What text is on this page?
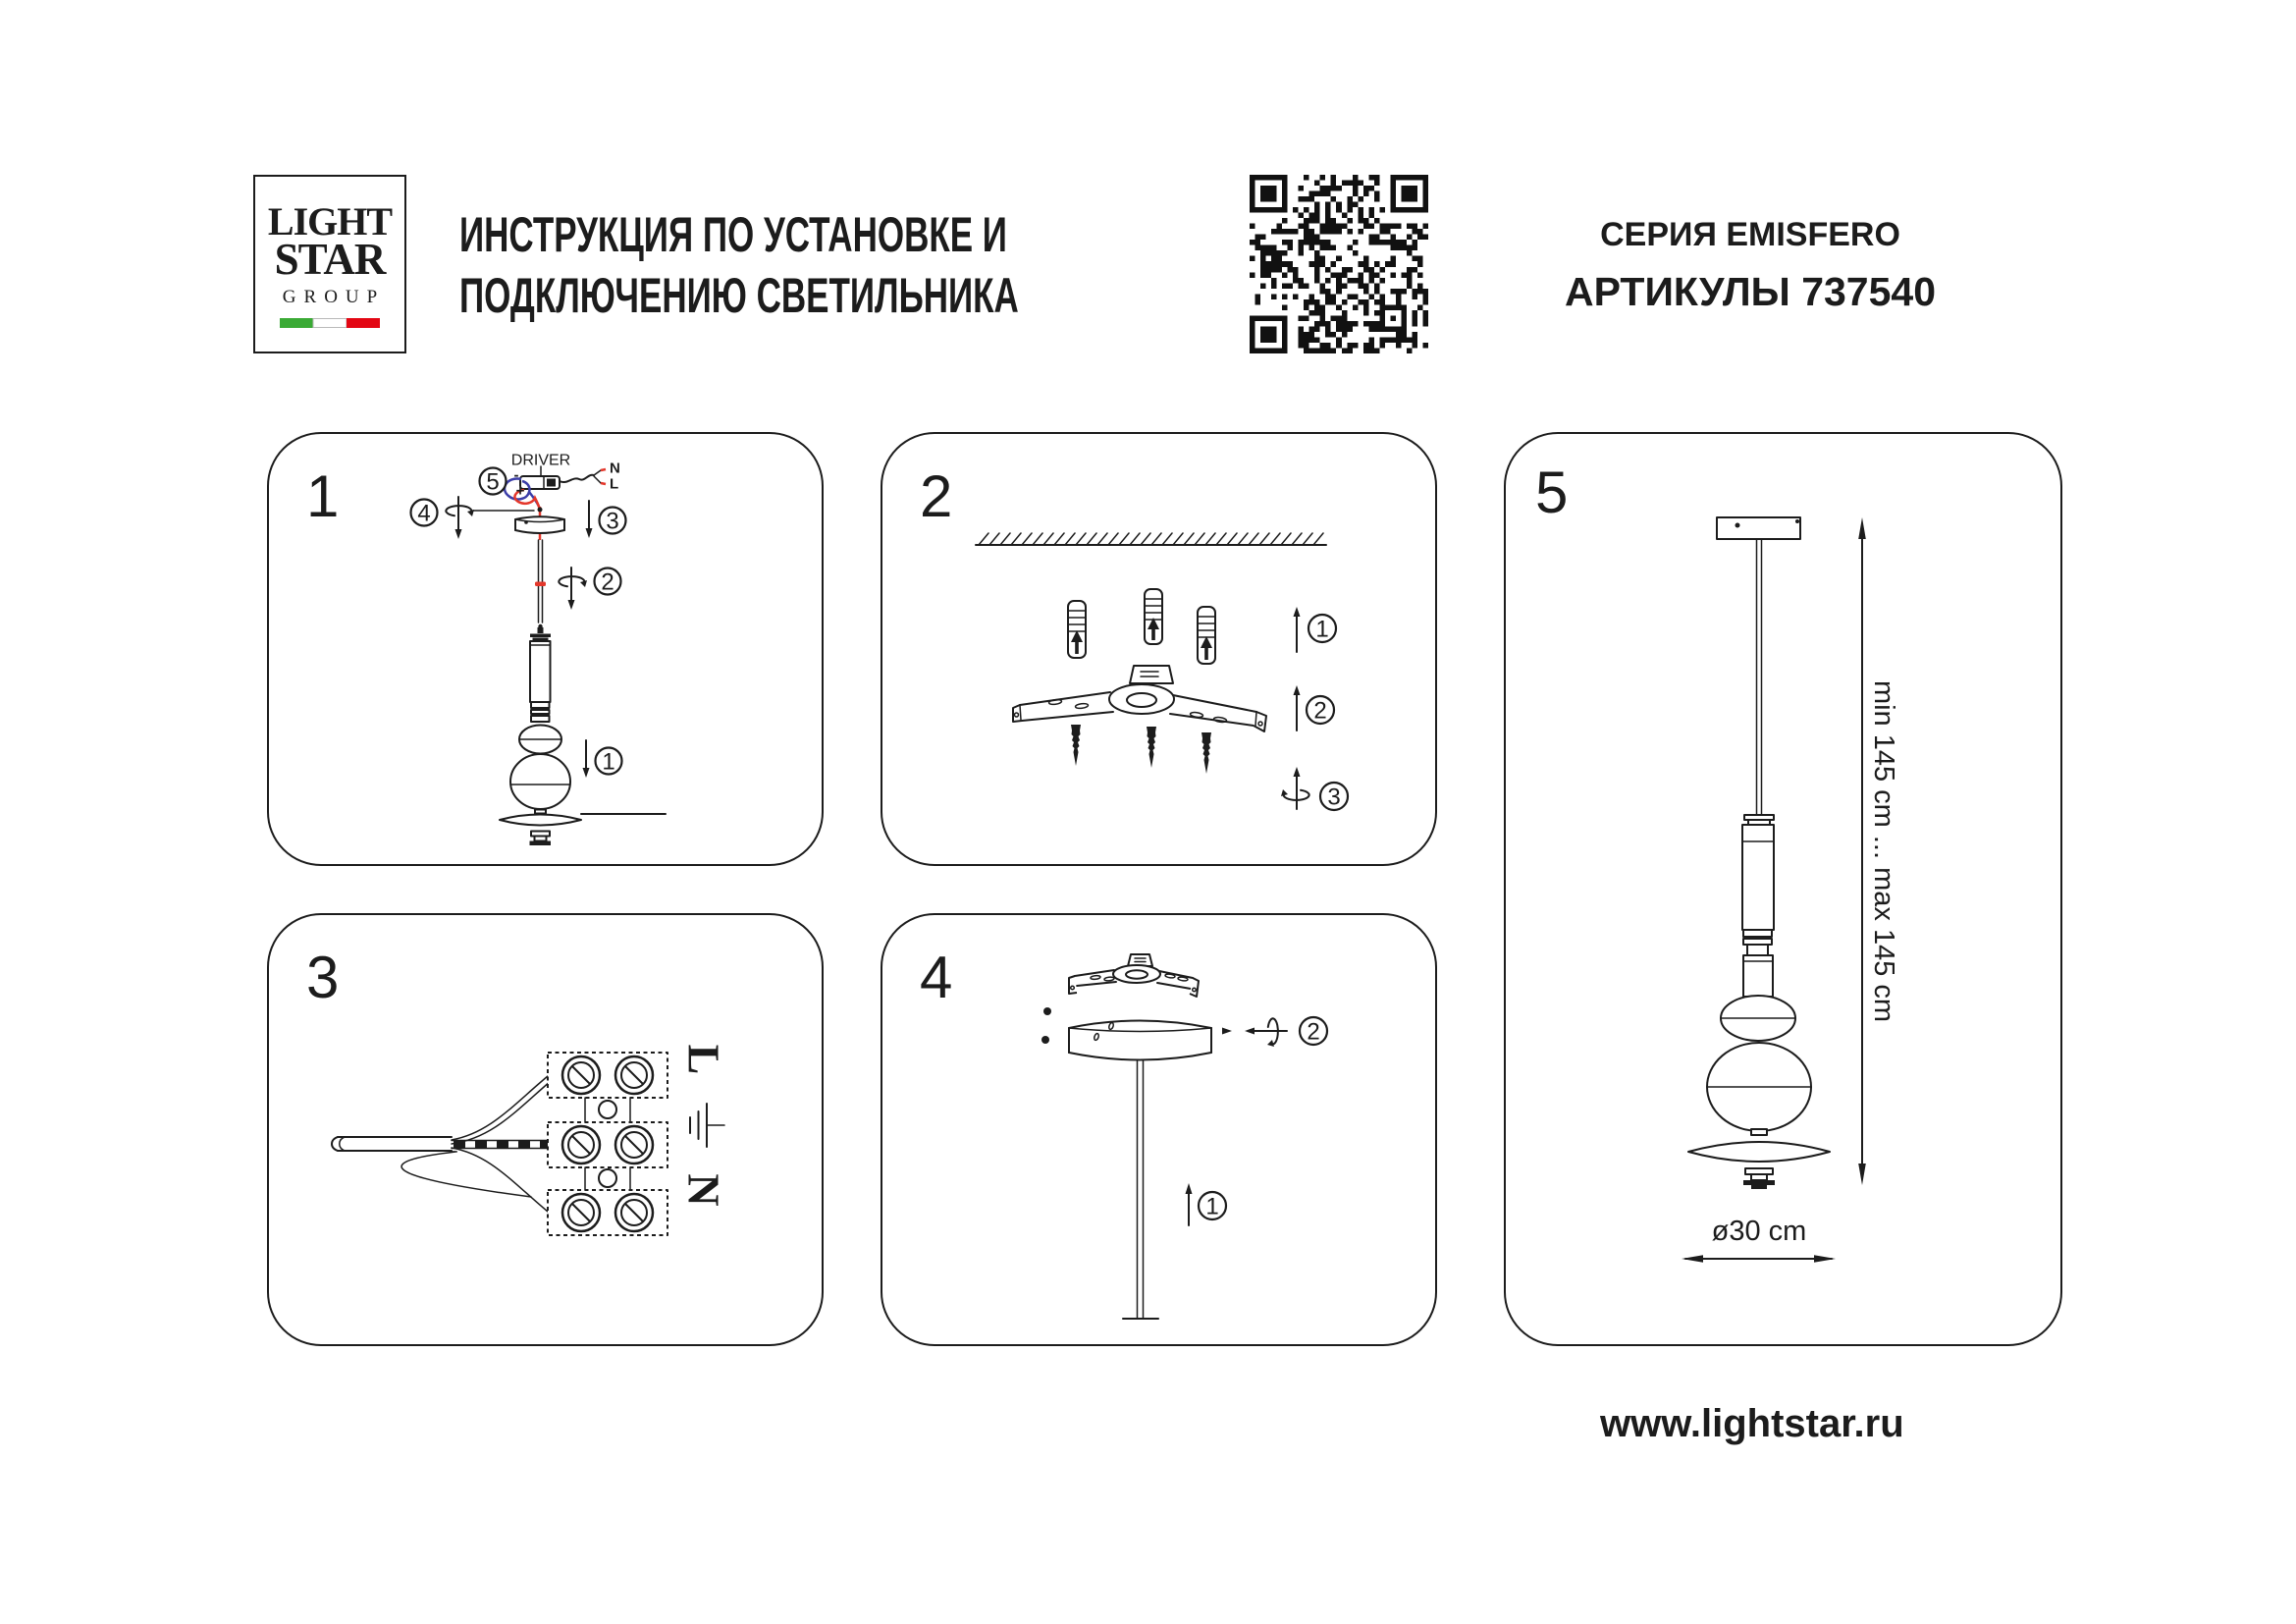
LIGHT
STAR
GROUP
ИНСТРУКЦИЯ ПО УСТАНОВКЕ И
ПОДКЛЮЧЕНИЮ СВЕТИЛЬНИКА
СЕРИЯ EMISFERO
АРТИКУЛЫ 737540
1
DRIVER	N
L
-
+
5
4	3
2
1
2
1
2
3
3
L
N
4
2
1
5
min 145 cm ... max 145 cm
ø30 cm
www.lightstar.ru
